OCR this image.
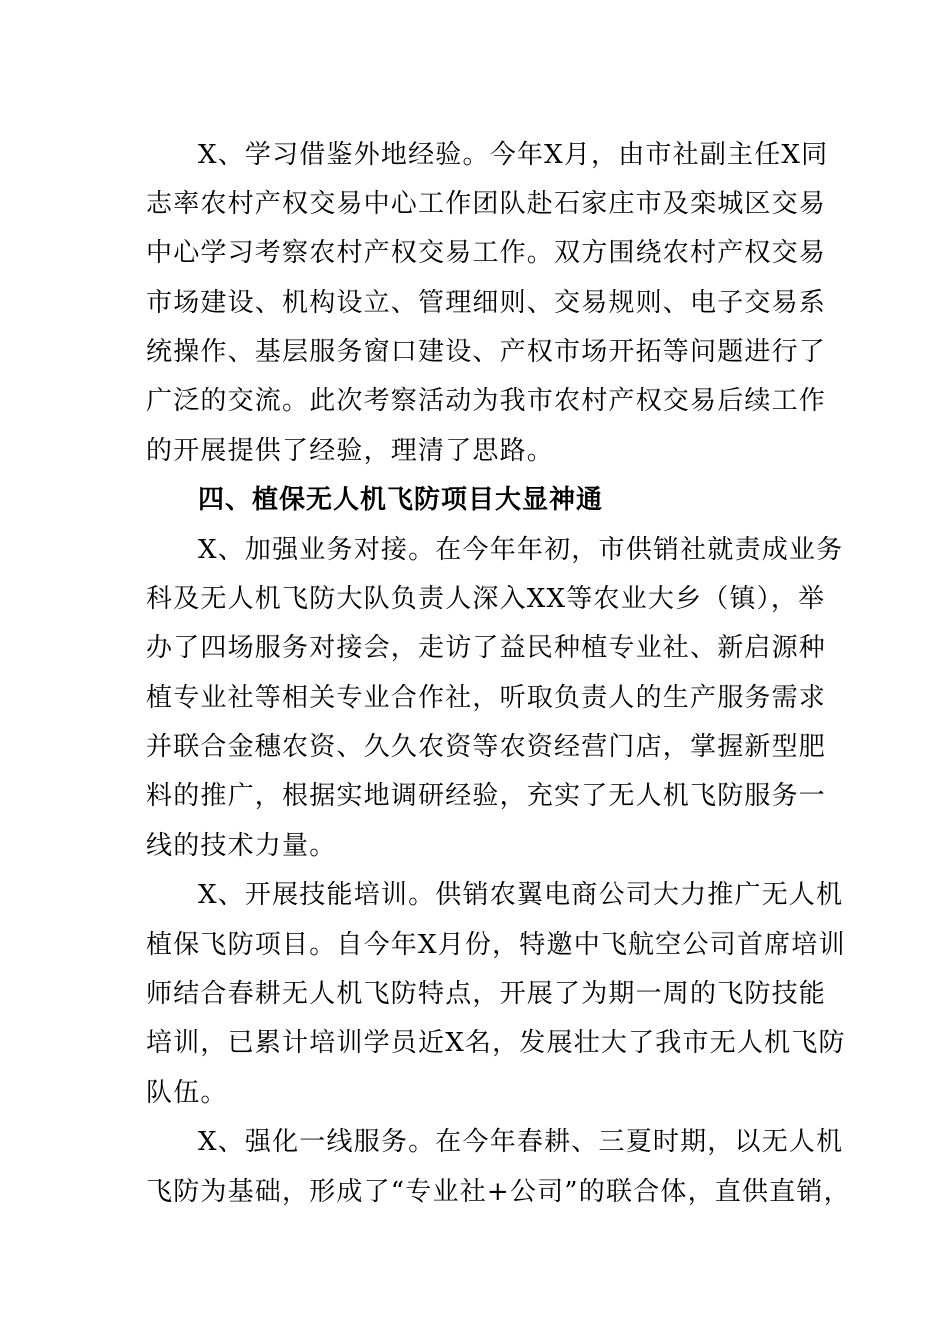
X、学习借鉴外地经验。今年X月，由市社副主任X同
志率农村产权交易中心工作团队赴石家庄市及栾城区交易
中心学习考察农村产权交易工作。双方围绕农村产权交易
市场建设、机构设立、管理细则、交易规则、电子交易系
统操作、基层服务窗口建设、产权市场开拓等问题进行了
广泛的交流。此次考察活动为我市农村产权交易后续工作
的开展提供了经验，理清了思路。
四、植保无人机飞防项目大显神通
X、加强业务对接。在今年年初，市供销社就责成业务
科及无人机飞防大队负责人深入XX等农业大乡（镇），举
办了四场服务对接会，走访了益民种植专业社、新启源种
植专业社等相关专业合作社，听取负责人的生产服务需求
并联合金穗农资、久久农资等农资经营门店，掌握新型肥
料的推广，根据实地调研经验，充实了无人机飞防服务一
线的技术力量。
X、开展技能培训。供销农翼电商公司大力推广无人机
植保飞防项目。自今年X月份，特邀中飞航空公司首席培训
师结合春耕无人机飞防特点，开展了为期一周的飞防技能
培训，已累计培训学员近X名，发展壮大了我市无人机飞防
队伍。
X、强化一线服务。在今年春耕、三夏时期，以无人机
飞防为基础，形成了“专业社+公司”的联合体，直供直销，
